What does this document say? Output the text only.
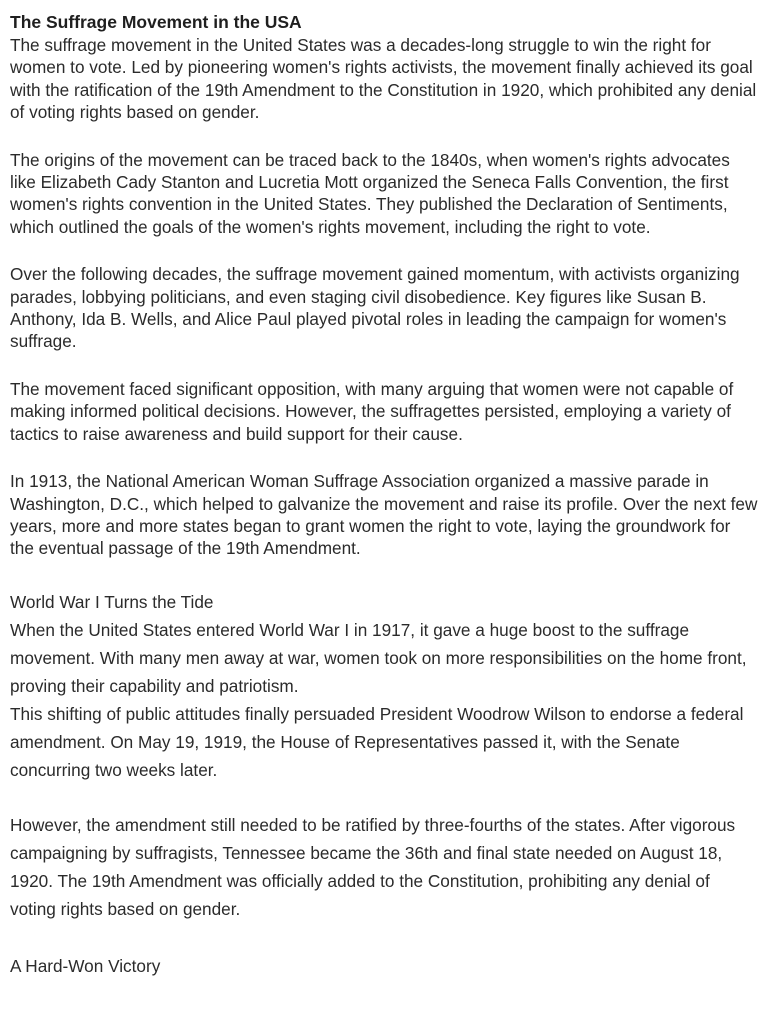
The Suffrage Movement in the USA

The suffrage movement in the United States was a decades-long struggle to win the right for women to vote. Led by pioneering women's rights activists, the movement finally achieved its goal with the ratification of the 19th Amendment to the Constitution in 1920, which prohibited any denial of voting rights based on gender.

The origins of the movement can be traced back to the 1840s, when women's rights advocates like Elizabeth Cady Stanton and Lucretia Mott organized the Seneca Falls Convention, the first women's rights convention in the United States. They published the Declaration of Sentiments, which outlined the goals of the women's rights movement, including the right to vote.

Over the following decades, the suffrage movement gained momentum, with activists organizing parades, lobbying politicians, and even staging civil disobedience. Key figures like Susan B. Anthony, Ida B. Wells, and Alice Paul played pivotal roles in leading the campaign for women's suffrage.

The movement faced significant opposition, with many arguing that women were not capable of making informed political decisions. However, the suffragettes persisted, employing a variety of tactics to raise awareness and build support for their cause.

In 1913, the National American Woman Suffrage Association organized a massive parade in Washington, D.C., which helped to galvanize the movement and raise its profile. Over the next few years, more and more states began to grant women the right to vote, laying the groundwork for the eventual passage of the 19th Amendment.

World War I Turns the Tide

When the United States entered World War I in 1917, it gave a huge boost to the suffrage movement. With many men away at war, women took on more responsibilities on the home front, proving their capability and patriotism.

This shifting of public attitudes finally persuaded President Woodrow Wilson to endorse a federal amendment. On May 19, 1919, the House of Representatives passed it, with the Senate concurring two weeks later.

However, the amendment still needed to be ratified by three-fourths of the states. After vigorous campaigning by suffragists, Tennessee became the 36th and final state needed on August 18, 1920. The 19th Amendment was officially added to the Constitution, prohibiting any denial of voting rights based on gender.

A Hard-Won Victory
